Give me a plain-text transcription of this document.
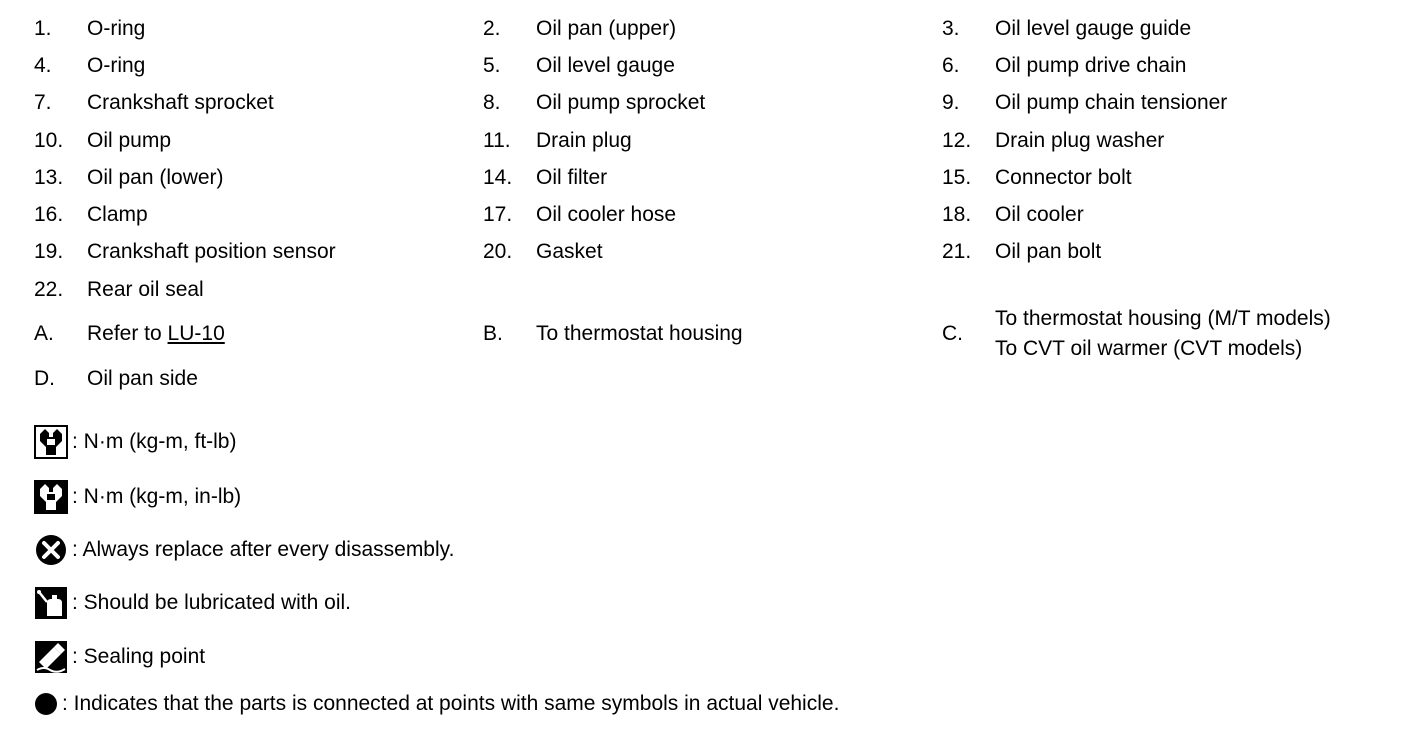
1.	O-ring	2.	Oil pan (upper)	3.	Oil level gauge guide
4.	O-ring	5.	Oil level gauge	6.	Oil pump drive chain
7.	Crankshaft sprocket	8.	Oil pump sprocket	9.	Oil pump chain tensioner
10.	Oil pump	11.	Drain plug	12.	Drain plug washer
13.	Oil pan (lower)	14.	Oil filter	15.	Connector bolt
16.	Clamp	17.	Oil cooler hose	18.	Oil cooler
19.	Crankshaft position sensor	20.	Gasket	21.	Oil pan bolt
22.	Rear oil seal
A.	Refer to LU-10	B.	To thermostat housing	C.
To thermostat housing (M/T models)
To CVT oil warmer (CVT models)
D.	Oil pan side
: N·m (kg-m, ft-lb)
: N·m (kg-m, in-lb)
: Always replace after every disassembly.
: Should be lubricated with oil.
: Sealing point
: Indicates that the parts is connected at points with same symbols in actual vehicle.
